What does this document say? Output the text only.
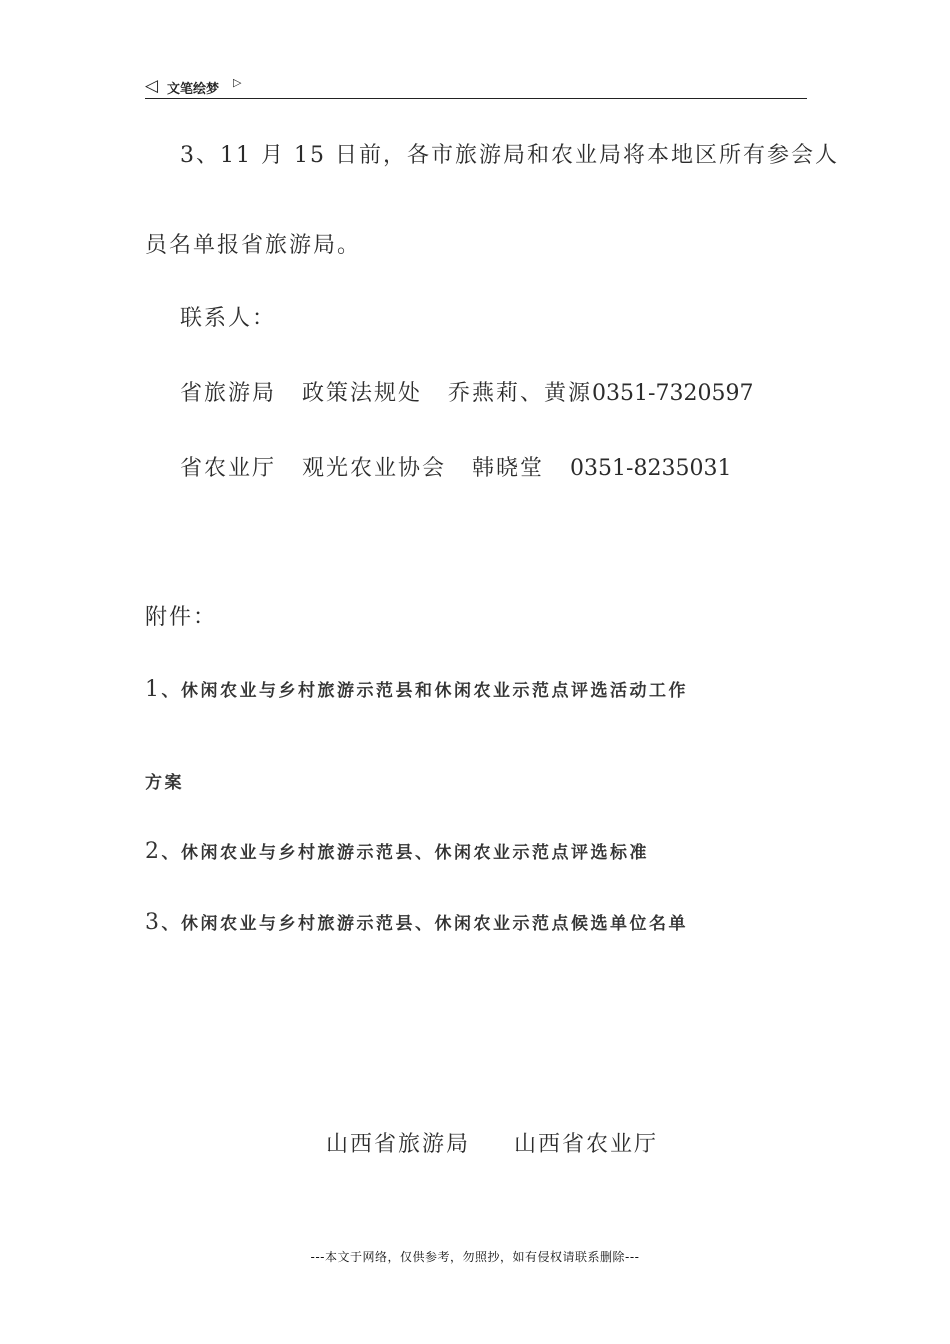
◁ 文笔绘梦 ▷
3、11 月 15 日前，各市旅游局和农业局将本地区所有参会人
员名单报省旅游局。
联系人：
省旅游局 政策法规处 乔燕莉、黄源0351-7320597
省农业厅 观光农业协会 韩晓堂 0351-8235031
附件：
1、休闲农业与乡村旅游示范县和休闲农业示范点评选活动工作
方案
2、休闲农业与乡村旅游示范县、休闲农业示范点评选标准
3、休闲农业与乡村旅游示范县、休闲农业示范点候选单位名单
山西省旅游局 山西省农业厅
---本文于网络，仅供参考，勿照抄，如有侵权请联系删除---
